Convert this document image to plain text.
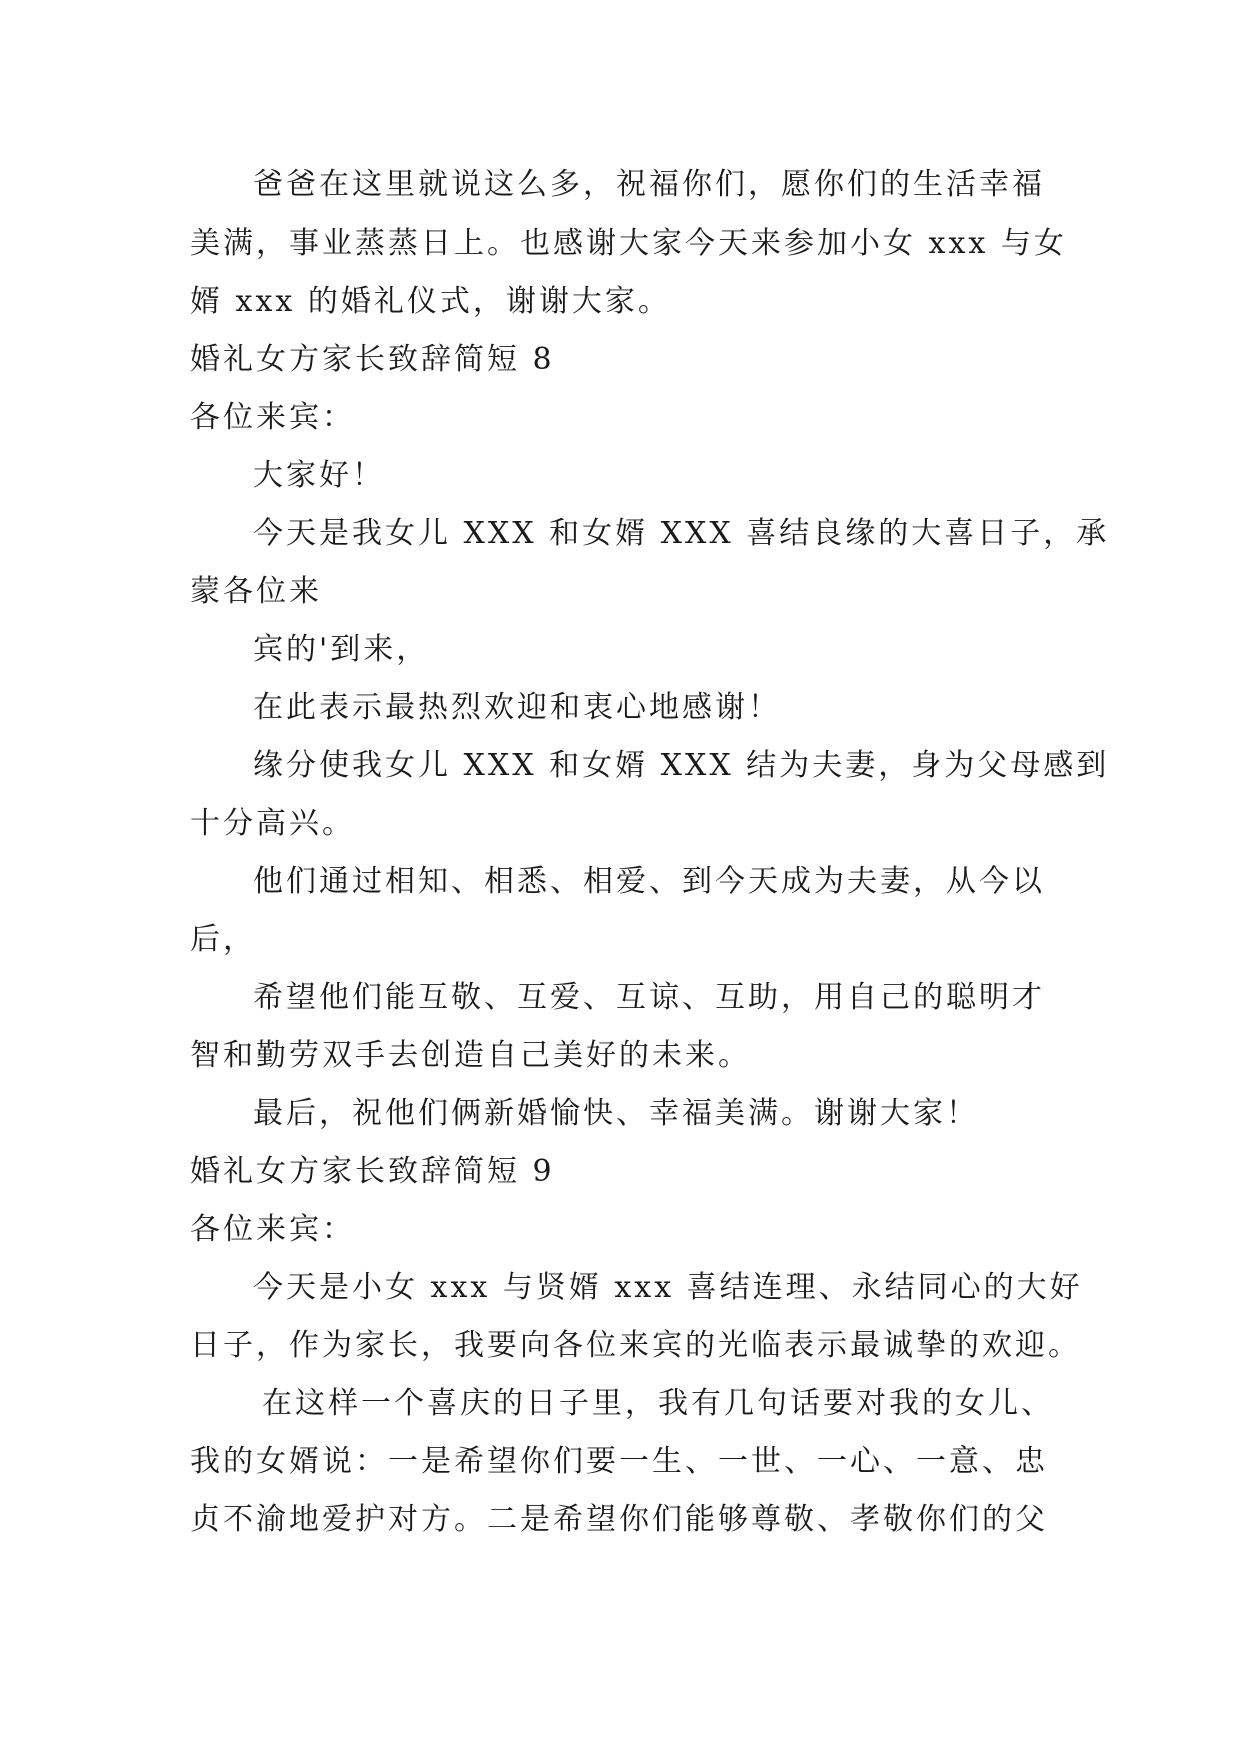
爸爸在这里就说这么多，祝福你们，愿你们的生活幸福

美满，事业蒸蒸日上。也感谢大家今天来参加小女 xxx 与女

婿 xxx 的婚礼仪式，谢谢大家。

婚礼女方家长致辞简短 8

各位来宾：

大家好！

今天是我女儿 XXX 和女婿 XXX 喜结良缘的大喜日子，承

蒙各位来

宾的'到来，

在此表示最热烈欢迎和衷心地感谢！

缘分使我女儿 XXX 和女婿 XXX 结为夫妻，身为父母感到

十分高兴。

他们通过相知、相悉、相爱、到今天成为夫妻，从今以

后，

希望他们能互敬、互爱、互谅、互助，用自己的聪明才

智和勤劳双手去创造自己美好的未来。

最后，祝他们俩新婚愉快、幸福美满。谢谢大家！

婚礼女方家长致辞简短 9

各位来宾：

今天是小女 xxx 与贤婿 xxx 喜结连理、永结同心的大好

日子，作为家长，我要向各位来宾的光临表示最诚挚的欢迎。

在这样一个喜庆的日子里，我有几句话要对我的女儿、

我的女婿说：一是希望你们要一生、一世、一心、一意、忠

贞不渝地爱护对方。二是希望你们能够尊敬、孝敬你们的父
